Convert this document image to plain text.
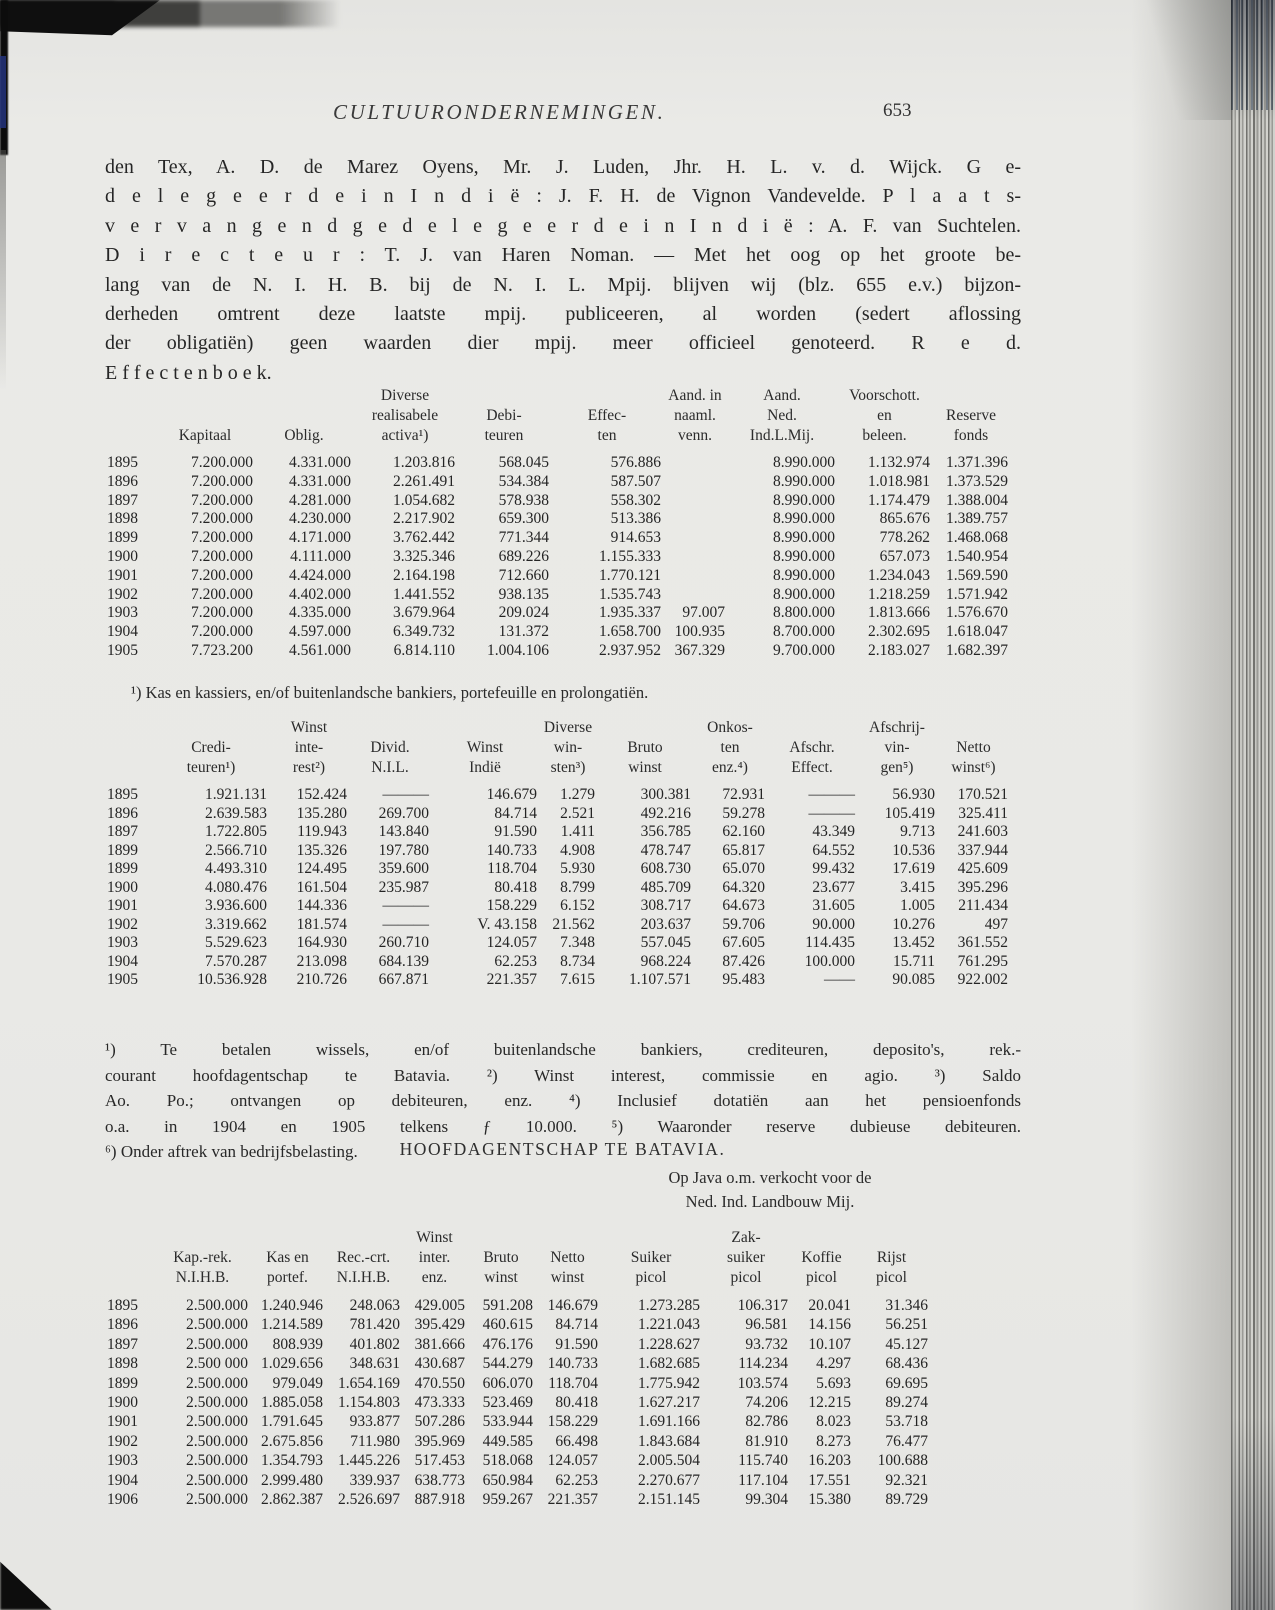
CULTUURONDERNEMINGEN.	653
den Tex, A. D. de Marez Oyens, Mr. J. Luden, Jhr. H. L. v. d. Wijck. G e-
d e l e g e e r d e i n I n d i ë : J. F. H. de Vignon Vandevelde. P l a a t s-
v e r v a n g e n d g e d e l e g e e r d e i n I n d i ë : A. F. van Suchtelen.
D i r e c t e u r : T. J. van Haren Noman. — Met het oog op het groote be-
lang van de N. I. H. B. bij de N. I. L. Mpij. blijven wij (blz. 655 e.v.) bijzon-
derheden omtrent deze laatste mpij. publiceeren, al worden (sedert aflossing
der obligatiën) geen waarden dier mpij. meer officieel genoteerd. R e d.
E f f e c t e n b o e k.
			Diverse			Aand. in	Aand.	Voorschott.	
			realisabele	Debi-	Effec-	naaml.	Ned.	en	Reserve
	Kapitaal	Oblig.	activa¹)	teuren	ten	venn.	Ind.L.Mij.	beleen.	fonds

1895	7.200.000	4.331.000	1.203.816	568.045	576.886		8.990.000	1.132.974	1.371.396
1896	7.200.000	4.331.000	2.261.491	534.384	587.507		8.990.000	1.018.981	1.373.529
1897	7.200.000	4.281.000	1.054.682	578.938	558.302		8.990.000	1.174.479	1.388.004
1898	7.200.000	4.230.000	2.217.902	659.300	513.386		8.990.000	865.676	1.389.757
1899	7.200.000	4.171.000	3.762.442	771.344	914.653		8.990.000	778.262	1.468.068
1900	7.200.000	4.111.000	3.325.346	689.226	1.155.333		8.990.000	657.073	1.540.954
1901	7.200.000	4.424.000	2.164.198	712.660	1.770.121		8.990.000	1.234.043	1.569.590
1902	7.200.000	4.402.000	1.441.552	938.135	1.535.743		8.900.000	1.218.259	1.571.942
1903	7.200.000	4.335.000	3.679.964	209.024	1.935.337	97.007	8.800.000	1.813.666	1.576.670
1904	7.200.000	4.597.000	6.349.732	131.372	1.658.700	100.935	8.700.000	2.302.695	1.618.047
1905	7.723.200	4.561.000	6.814.110	1.004.106	2.937.952	367.329	9.700.000	2.183.027	1.682.397
¹) Kas en kassiers, en/of buitenlandsche bankiers, portefeuille en prolongatiën.
		Winst			Diverse		Onkos-		Afschrij-	
	Credi-	inte-	Divid.	Winst	win-	Bruto	ten	Afschr.	vin-	Netto
	teuren¹)	rest²)	N.I.L.	Indië	sten³)	winst	enz.⁴)	Effect.	gen⁵)	winst⁶)

1895	1.921.131	152.424	———	146.679	1.279	300.381	72.931	———	56.930	170.521
1896	2.639.583	135.280	269.700	84.714	2.521	492.216	59.278	———	105.419	325.411
1897	1.722.805	119.943	143.840	91.590	1.411	356.785	62.160	43.349	9.713	241.603
1899	2.566.710	135.326	197.780	140.733	4.908	478.747	65.817	64.552	10.536	337.944
1899	4.493.310	124.495	359.600	118.704	5.930	608.730	65.070	99.432	17.619	425.609
1900	4.080.476	161.504	235.987	80.418	8.799	485.709	64.320	23.677	3.415	395.296
1901	3.936.600	144.336	———	158.229	6.152	308.717	64.673	31.605	1.005	211.434
1902	3.319.662	181.574	———	V. 43.158	21.562	203.637	59.706	90.000	10.276	497
1903	5.529.623	164.930	260.710	124.057	7.348	557.045	67.605	114.435	13.452	361.552
1904	7.570.287	213.098	684.139	62.253	8.734	968.224	87.426	100.000	15.711	761.295
1905	10.536.928	210.726	667.871	221.357	7.615	1.107.571	95.483	——	90.085	922.002
¹) Te betalen wissels, en/of buitenlandsche bankiers, crediteuren, deposito's, rek.-
courant hoofdagentschap te Batavia. ²) Winst interest, commissie en agio. ³) Saldo
Ao. Po.; ontvangen op debiteuren, enz. ⁴) Inclusief dotatiën aan het pensioenfonds
o.a. in 1904 en 1905 telkens ƒ 10.000. ⁵) Waaronder reserve dubieuse debiteuren.
⁶) Onder aftrek van bedrijfsbelasting.	HOOFDAGENTSCHAP TE BATAVIA.
Op Java o.m. verkocht voor de
Ned. Ind. Landbouw Mij.
				Winst				Zak-		
	Kap.-rek.	Kas en	Rec.-crt.	inter.	Bruto	Netto	Suiker	suiker	Koffie	Rijst
	N.I.H.B.	portef.	N.I.H.B.	enz.	winst	winst	picol	picol	picol	picol

1895	2.500.000	1.240.946	248.063	429.005	591.208	146.679	1.273.285	106.317	20.041	31.346
1896	2.500.000	1.214.589	781.420	395.429	460.615	84.714	1.221.043	96.581	14.156	56.251
1897	2.500.000	808.939	401.802	381.666	476.176	91.590	1.228.627	93.732	10.107	45.127
1898	2.500 000	1.029.656	348.631	430.687	544.279	140.733	1.682.685	114.234	4.297	68.436
1899	2.500.000	979.049	1.654.169	470.550	606.070	118.704	1.775.942	103.574	5.693	69.695
1900	2.500.000	1.885.058	1.154.803	473.333	523.469	80.418	1.627.217	74.206	12.215	89.274
1901	2.500.000	1.791.645	933.877	507.286	533.944	158.229	1.691.166	82.786	8.023	53.718
1902	2.500.000	2.675.856	711.980	395.969	449.585	66.498	1.843.684	81.910	8.273	76.477
1903	2.500.000	1.354.793	1.445.226	517.453	518.068	124.057	2.005.504	115.740	16.203	100.688
1904	2.500.000	2.999.480	339.937	638.773	650.984	62.253	2.270.677	117.104	17.551	92.321
1906	2.500.000	2.862.387	2.526.697	887.918	959.267	221.357	2.151.145	99.304	15.380	89.729
